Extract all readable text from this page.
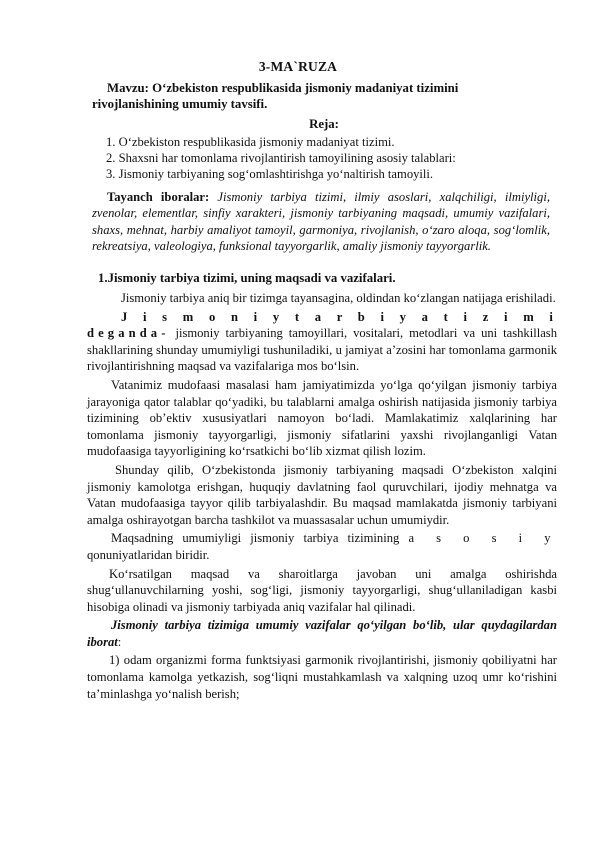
3-MA`RUZA
Mavzu: O‘zbekiston respublikasida jismoniy madaniyat tizimini
rivojlanishining umumiy tavsifi.
Reja:
1. O‘zbekiston respublikasida jismoniy madaniyat tizimi.
2. Shaxsni har tomonlama rivojlantirish tamoyilining asosiy talablari:
3. Jismoniy tarbiyaning sog‘omlashtirishga yo‘naltirish tamoyili.
Tayanch iboralar: Jismoniy tarbiya tizimi, ilmiy asoslari, xalqchiligi, ilmiyligi, zvenolar, elementlar, sinfiy xarakteri, jismoniy tarbiyaning maqsadi, umumiy vazifalari, shaxs, mehnat, harbiy amaliyot tamoyil, garmoniya, rivojlanish, o‘zaro aloqa, sog‘lomlik, rekreatsiya, valeologiya, funksional tayyorgarlik, amaliy jismoniy tayyorgarlik.
1.Jismoniy tarbiya tizimi, uning maqsadi va vazifalari.

Jismoniy tarbiya aniq bir tizimga tayansagina, oldindan ko‘zlangan natijaga erishiladi.

J i s m o n i y t a r b i y a t i z i m i deganda- jismoniy tarbiyaning tamoyillari, vositalari, metodlari va uni tashkillash shakllarining shunday umumiyligi tushuniladiki, u jamiyat a’zosini har tomonlama garmonik rivojlantirishning maqsad va vazifalariga mos bo‘lsin.

Vatanimiz mudofaasi masalasi ham jamiyatimizda yo‘lga qo‘yilgan jismoniy tarbiya jarayoniga qator talablar qo‘yadiki, bu talablarni amalga oshirish natijasida jismoniy tarbiya tizimining ob’ektiv xususiyatlari namoyon bo‘ladi. Mamlakatimiz xalqlarining har tomonlama jismoniy tayyorgarligi, jismoniy sifatlarini yaxshi rivojlanganligi Vatan mudofaasiga tayyorligining ko‘rsatkichi bo‘lib xizmat qilish lozim.

Shunday qilib, O‘zbekistonda jismoniy tarbiyaning maqsadi O‘zbekiston xalqini jismoniy kamolotga erishgan, huquqiy davlatning faol quruvchilari, ijodiy mehnatga va Vatan mudofaasiga tayyor qilib tarbiyalashdir. Bu maqsad mamlakatda jismoniy tarbiyani amalga oshirayotgan barcha tashkilot va muassasalar uchun umumiydir.

Maqsadning umumiyligi jismoniy tarbiya tizimining a s o s i y qonuniyatlaridan biridir.

Ko‘rsatilgan maqsad va sharoitlarga javoban uni amalga oshirishda shug‘ullanuvchilarning yoshi, sog‘ligi, jismoniy tayyorgarligi, shug‘ullaniladigan kasbi hisobiga olinadi va jismoniy tarbiyada aniq vazifalar hal qilinadi.

Jismoniy tarbiya tizimiga umumiy vazifalar qo‘yilgan bo‘lib, ular quydagilardan iborat:

1) odam organizmi forma funktsiyasi garmonik rivojlantirishi, jismoniy qobiliyatni har tomonlama kamolga yetkazish, sog‘liqni mustahkamlash va xalqning uzoq umr ko‘rishini ta’minlashga yo‘nalish berish;
